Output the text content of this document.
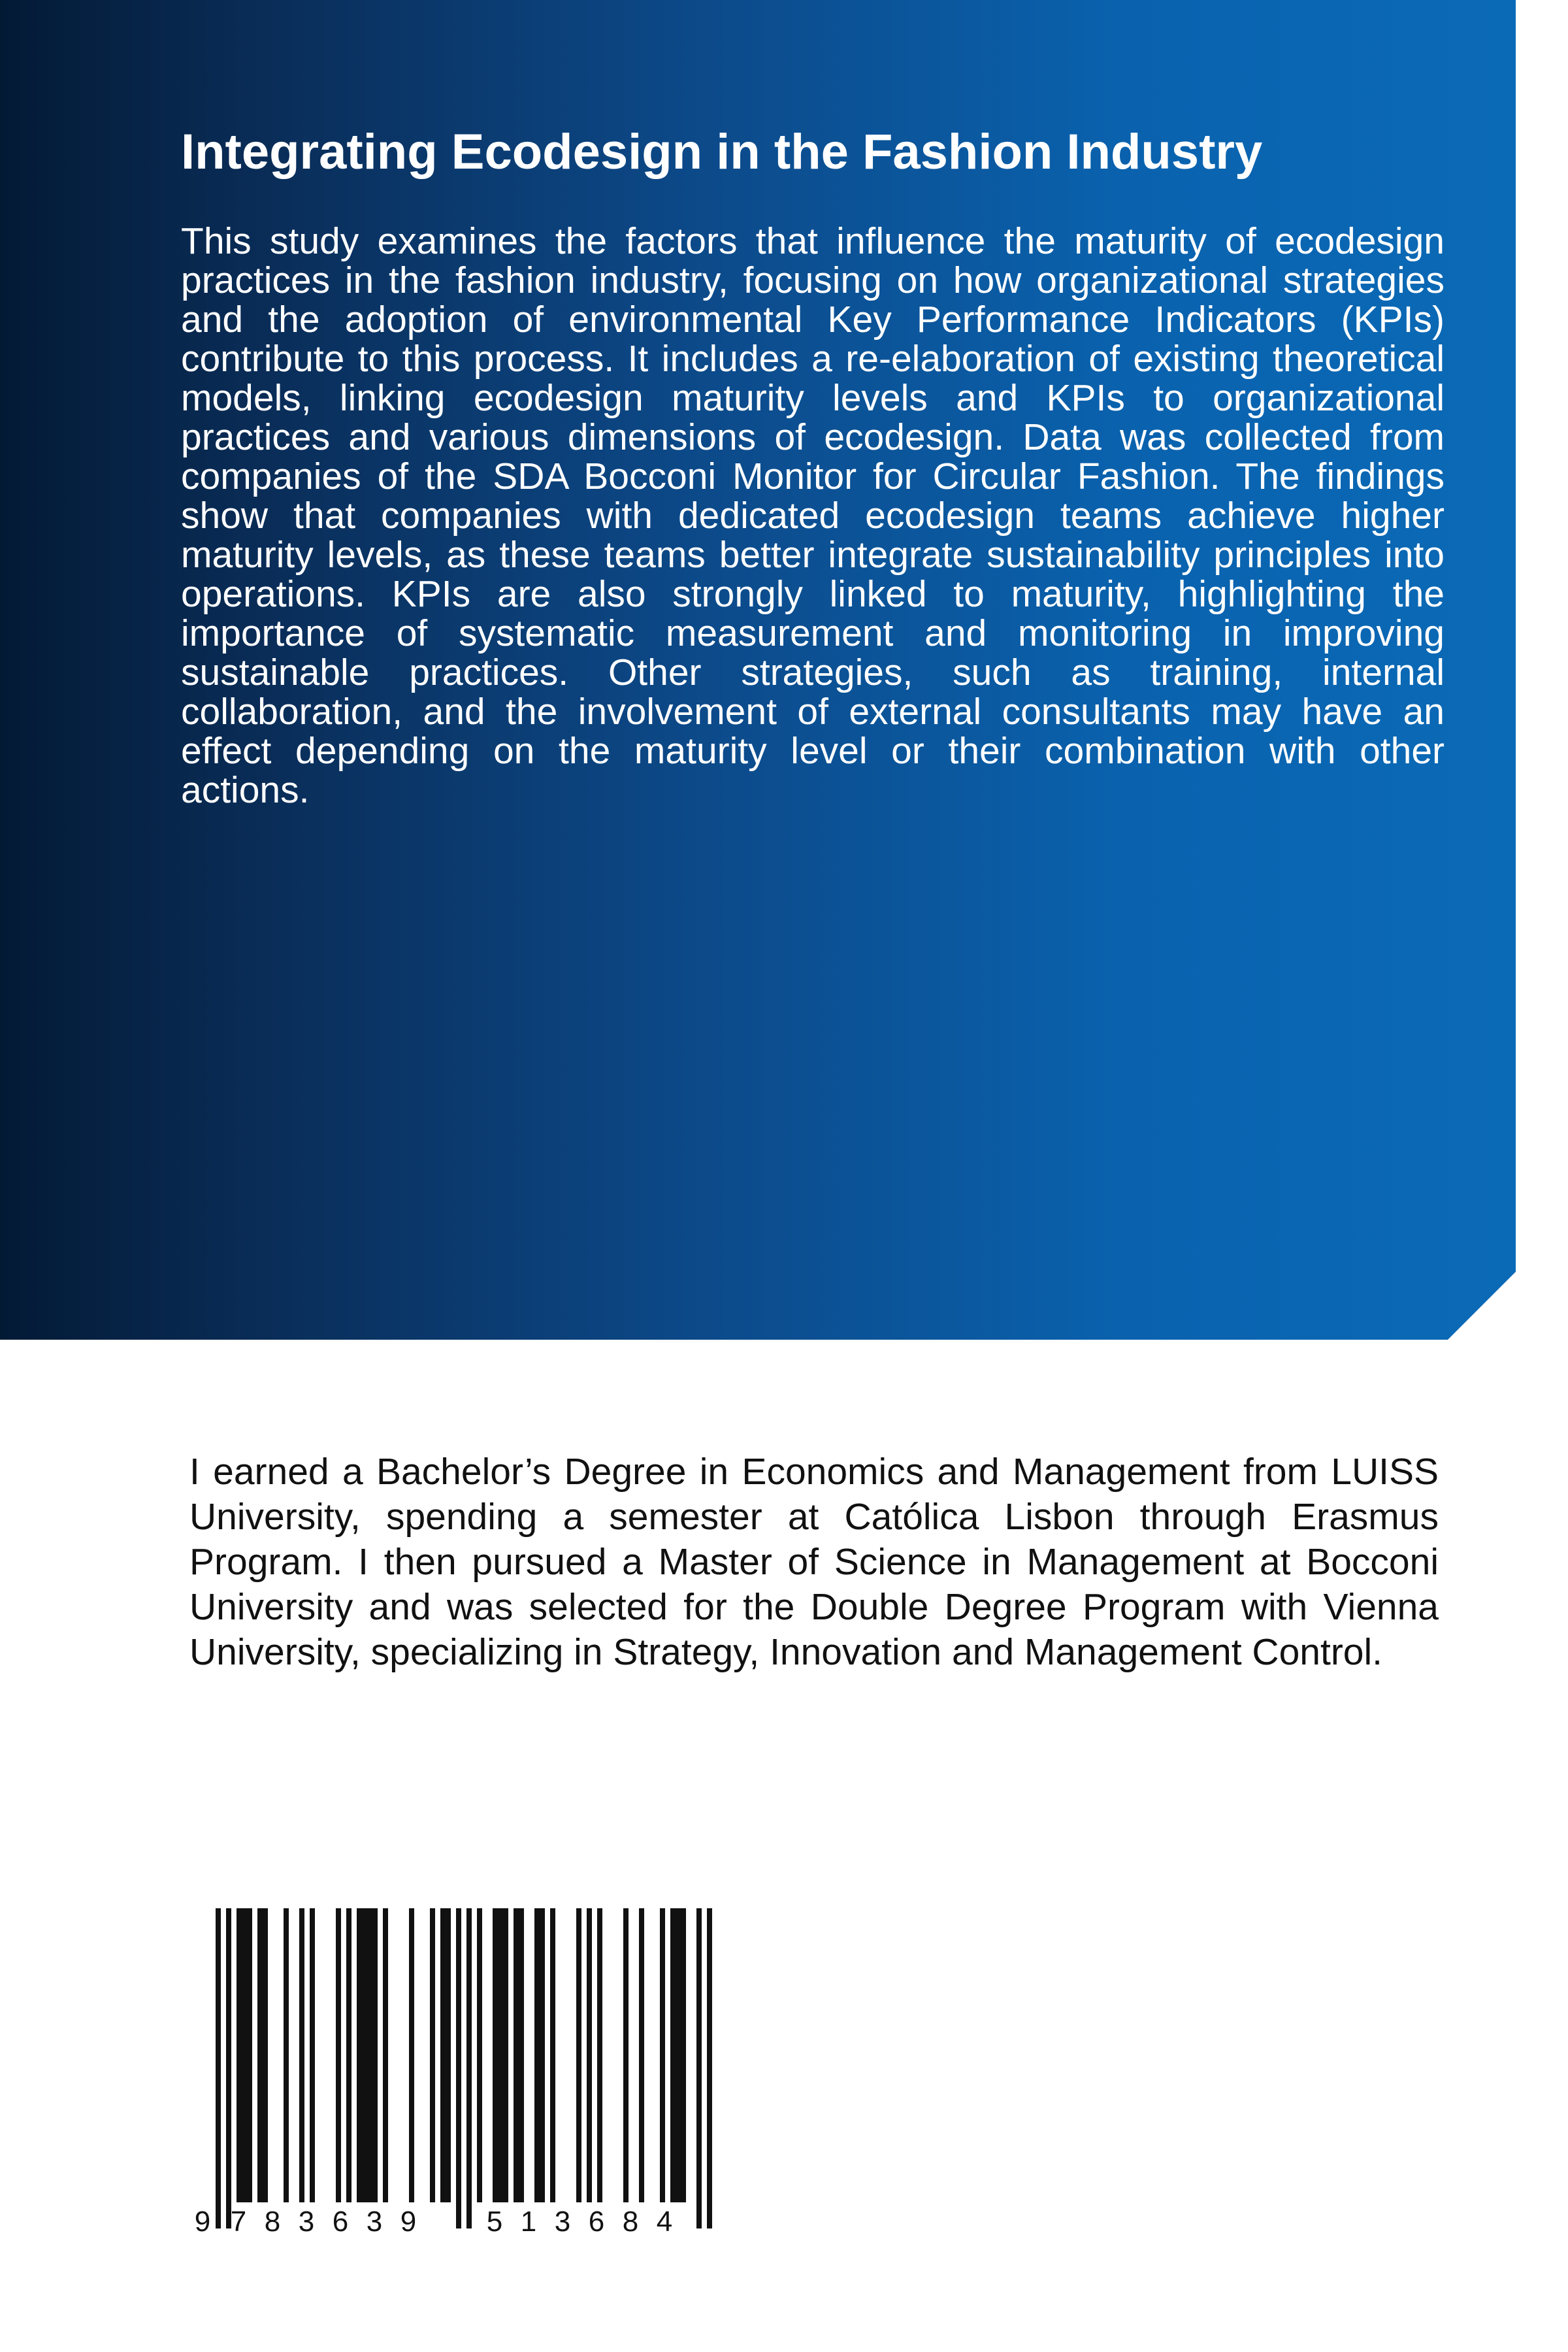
Integrating Ecodesign in the Fashion Industry

This study examines the factors that influence the maturity of ecodesign practices in the fashion industry, focusing on how organizational strategies and the adoption of environmental Key Performance Indicators (KPIs) contribute to this process. It includes a re-elaboration of existing theoretical models, linking ecodesign maturity levels and KPIs to organizational practices and various dimensions of ecodesign. Data was collected from companies of the SDA Bocconi Monitor for Circular Fashion. The findings show that companies with dedicated ecodesign teams achieve higher maturity levels, as these teams better integrate sustainability principles into operations. KPIs are also strongly linked to maturity, highlighting the importance of systematic measurement and monitoring in improving sustainable practices. Other strategies, such as training, internal collaboration, and the involvement of external consultants may have an effect depending on the maturity level or their combination with other actions.

I earned a Bachelor’s Degree in Economics and Management from LUISS University, spending a semester at Católica Lisbon through Erasmus Program. I then pursued a Master of Science in Management at Bocconi University and was selected for the Double Degree Program with Vienna University, specializing in Strategy, Innovation and Management Control.

9 7 8 3 6 3 9 5 1 3 6 8 4
